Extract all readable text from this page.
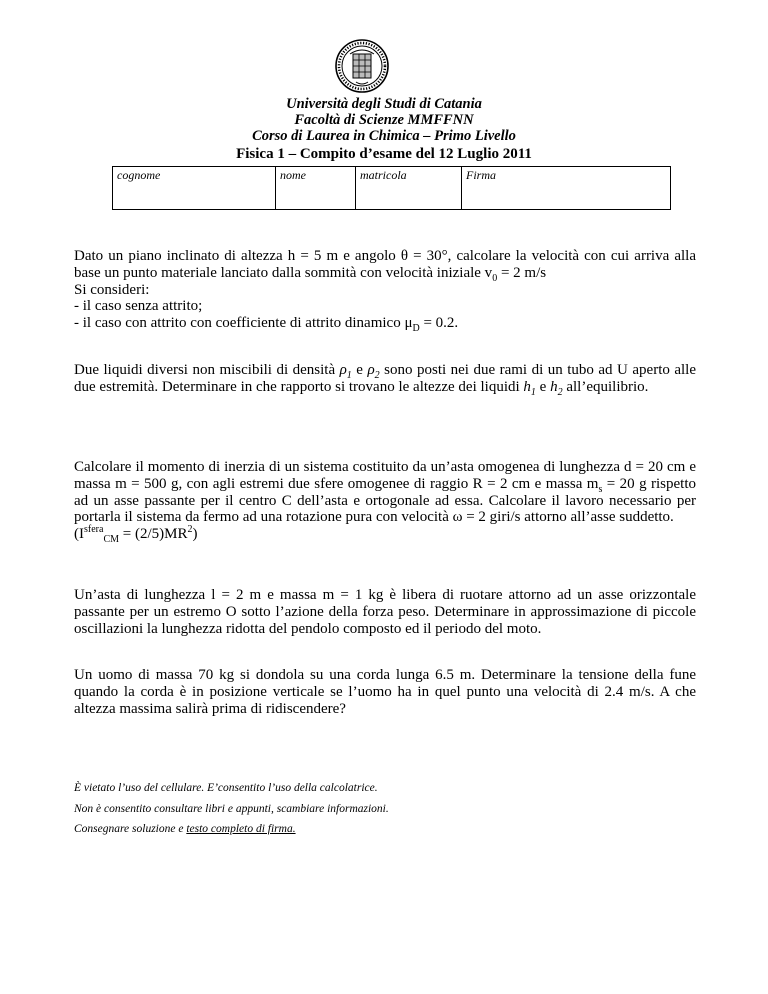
Università degli Studi di Catania
Facoltà di Scienze MMFFNN
Corso di Laurea in Chimica – Primo Livello
Fisica 1 – Compito d’esame del 12 Luglio 2011
cognome	nome	matricola	Firma

Dato un piano inclinato di altezza h = 5 m e angolo θ = 30°, calcolare la velocità con cui arriva alla base un punto materiale lanciato dalla sommità con velocità iniziale $v_0 = 2$ m/s

Si consideri:

- il caso senza attrito;

- il caso con attrito con coefficiente di attrito dinamico $\mu_D = 0.2$.

Due liquidi diversi non miscibili di densità $\rho_1$ e $\rho_2$ sono posti nei due rami di un tubo ad U aperto alle due estremità. Determinare in che rapporto si trovano le altezze dei liquidi $h_1$ e $h_2$ all’equilibrio.

Calcolare il momento di inerzia di un sistema costituito da un’asta omogenea di lunghezza d = 20 cm e massa m = 500 g, con agli estremi due sfere omogenee di raggio R = 2 cm e massa $m_s = 20$ g rispetto ad un asse passante per il centro C dell’asta e ortogonale ad essa. Calcolare il lavoro necessario per portarla il sistema da fermo ad una rotazione pura con velocità ω = 2 giri/s attorno all’asse suddetto.

$(I^{sfera}_{CM} = (2/5)MR^2)$

Un’asta di lunghezza l = 2 m e massa m = 1 kg è libera di ruotare attorno ad un asse orizzontale passante per un estremo O sotto l’azione della forza peso. Determinare in approssimazione di piccole oscillazioni la lunghezza ridotta del pendolo composto ed il periodo del moto.
Un uomo di massa 70 kg si dondola su una corda lunga 6.5 m. Determinare la tensione della fune quando la corda è in posizione verticale se l’uomo ha in quel punto una velocità di 2.4 m/s. A che altezza massima salirà prima di ridiscendere?
È vietato l’uso del cellulare. E’consentito l’uso della calcolatrice.
Non è consentito consultare libri e appunti, scambiare informazioni.
Consegnare soluzione e testo completo di firma.
